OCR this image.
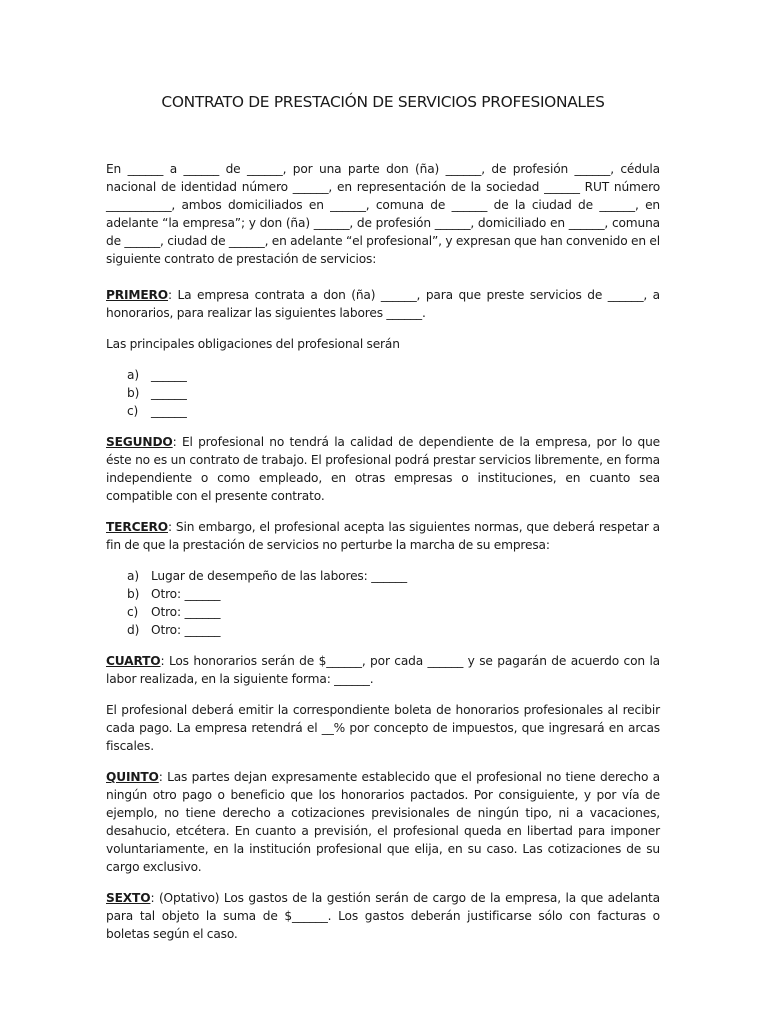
CONTRATO DE PRESTACIÓN DE SERVICIOS PROFESIONALES

En ______ a ______ de ______, por una parte don (ña) ______, de profesión ______, cédula nacional de identidad número ______, en representación de la sociedad ______ RUT número ___________, ambos domiciliados en ______, comuna de ______ de la ciudad de ______, en adelante “la empresa”; y don (ña) ______, de profesión ______, domiciliado en ______, comuna de ______, ciudad de ______, en adelante “el profesional”, y expresan que han convenido en el siguiente contrato de prestación de servicios:

PRIMERO: La empresa contrata a don (ña) ______, para que preste servicios de ______, a honorarios, para realizar las siguientes labores ______.

Las principales obligaciones del profesional serán

a) ______
b) ______
c)	______

SEGUNDO: El profesional no tendrá la calidad de dependiente de la empresa, por lo que éste no es un contrato de trabajo. El profesional podrá prestar servicios libremente, en forma independiente o como empleado, en otras empresas o instituciones, en cuanto sea compatible con el presente contrato.

TERCERO: Sin embargo, el profesional acepta las siguientes normas, que deberá respetar a fin de que la prestación de servicios no perturbe la marcha de su empresa:

a) Lugar de desempeño de las labores: ______
b) Otro: ______
c)	Otro: ______
d) Otro: ______

CUARTO: Los honorarios serán de $______, por cada ______ y se pagarán de acuerdo con la labor realizada, en la siguiente forma: ______.

El profesional deberá emitir la correspondiente boleta de honorarios profesionales al recibir cada pago. La empresa retendrá el __% por concepto de impuestos, que ingresará en arcas fiscales.

QUINTO: Las partes dejan expresamente establecido que el profesional no tiene derecho a ningún otro pago o beneficio que los honorarios pactados. Por consiguiente, y por vía de ejemplo, no tiene derecho a cotizaciones previsionales de ningún tipo, ni a vacaciones, desahucio, etcétera. En cuanto a previsión, el profesional queda en libertad para imponer voluntariamente, en la institución profesional que elija, en su caso. Las cotizaciones de su cargo exclusivo.

SEXTO: (Optativo) Los gastos de la gestión serán de cargo de la empresa, la que adelanta para tal objeto la suma de $______. Los gastos deberán justificarse sólo con facturas o boletas según el caso.
